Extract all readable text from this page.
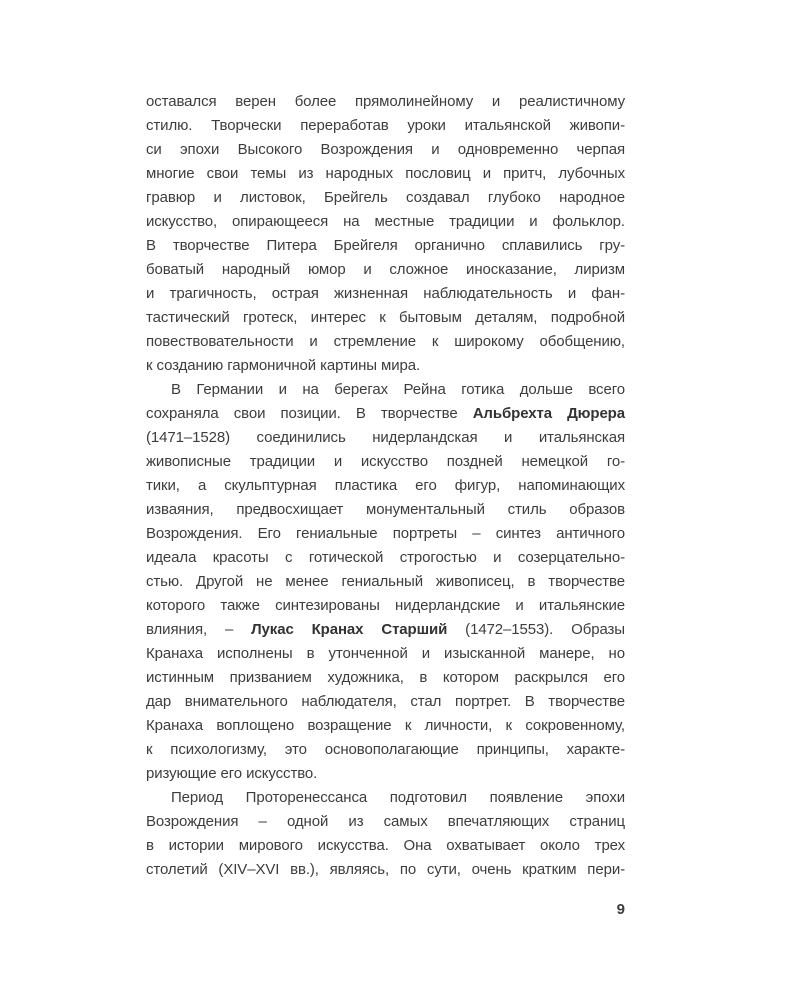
оставался верен более прямолинейному и реалистичному
стилю. Творчески переработав уроки итальянской живопи-
си эпохи Высокого Возрождения и одновременно черпая
многие свои темы из народных пословиц и притч, лубочных
гравюр и листовок, Брейгель создавал глубоко народное
искусство, опирающееся на местные традиции и фольклор.
В творчестве Питера Брейгеля органично сплавились гру-
боватый народный юмор и сложное иносказание, лиризм
и трагичность, острая жизненная наблюдательность и фан-
тастический гротеск, интерес к бытовым деталям, подробной
повествовательности и стремление к широкому обобщению,
к созданию гармоничной картины мира.
В Германии и на берегах Рейна готика дольше всего
сохраняла свои позиции. В творчестве Альбрехта Дюрера
(1471–1528) соединились нидерландская и итальянская
живописные традиции и искусство поздней немецкой го-
тики, а скульптурная пластика его фигур, напоминающих
изваяния, предвосхищает монументальный стиль образов
Возрождения. Его гениальные портреты – синтез античного
идеала красоты с готической строгостью и созерцательно-
стью. Другой не менее гениальный живописец, в творчестве
которого также синтезированы нидерландские и итальянские
влияния, – Лукас Кранах Старший (1472–1553). Образы
Кранаха исполнены в утонченной и изысканной манере, но
истинным призванием художника, в котором раскрылся его
дар внимательного наблюдателя, стал портрет. В творчестве
Кранаха воплощено возращение к личности, к сокровенному,
к психологизму, это основополагающие принципы, характе-
ризующие его искусство.
Период Проторенессанса подготовил появление эпохи
Возрождения – одной из самых впечатляющих страниц
в истории мирового искусства. Она охватывает около трех
столетий (XIV–XVI вв.), являясь, по сути, очень кратким пери-
9
